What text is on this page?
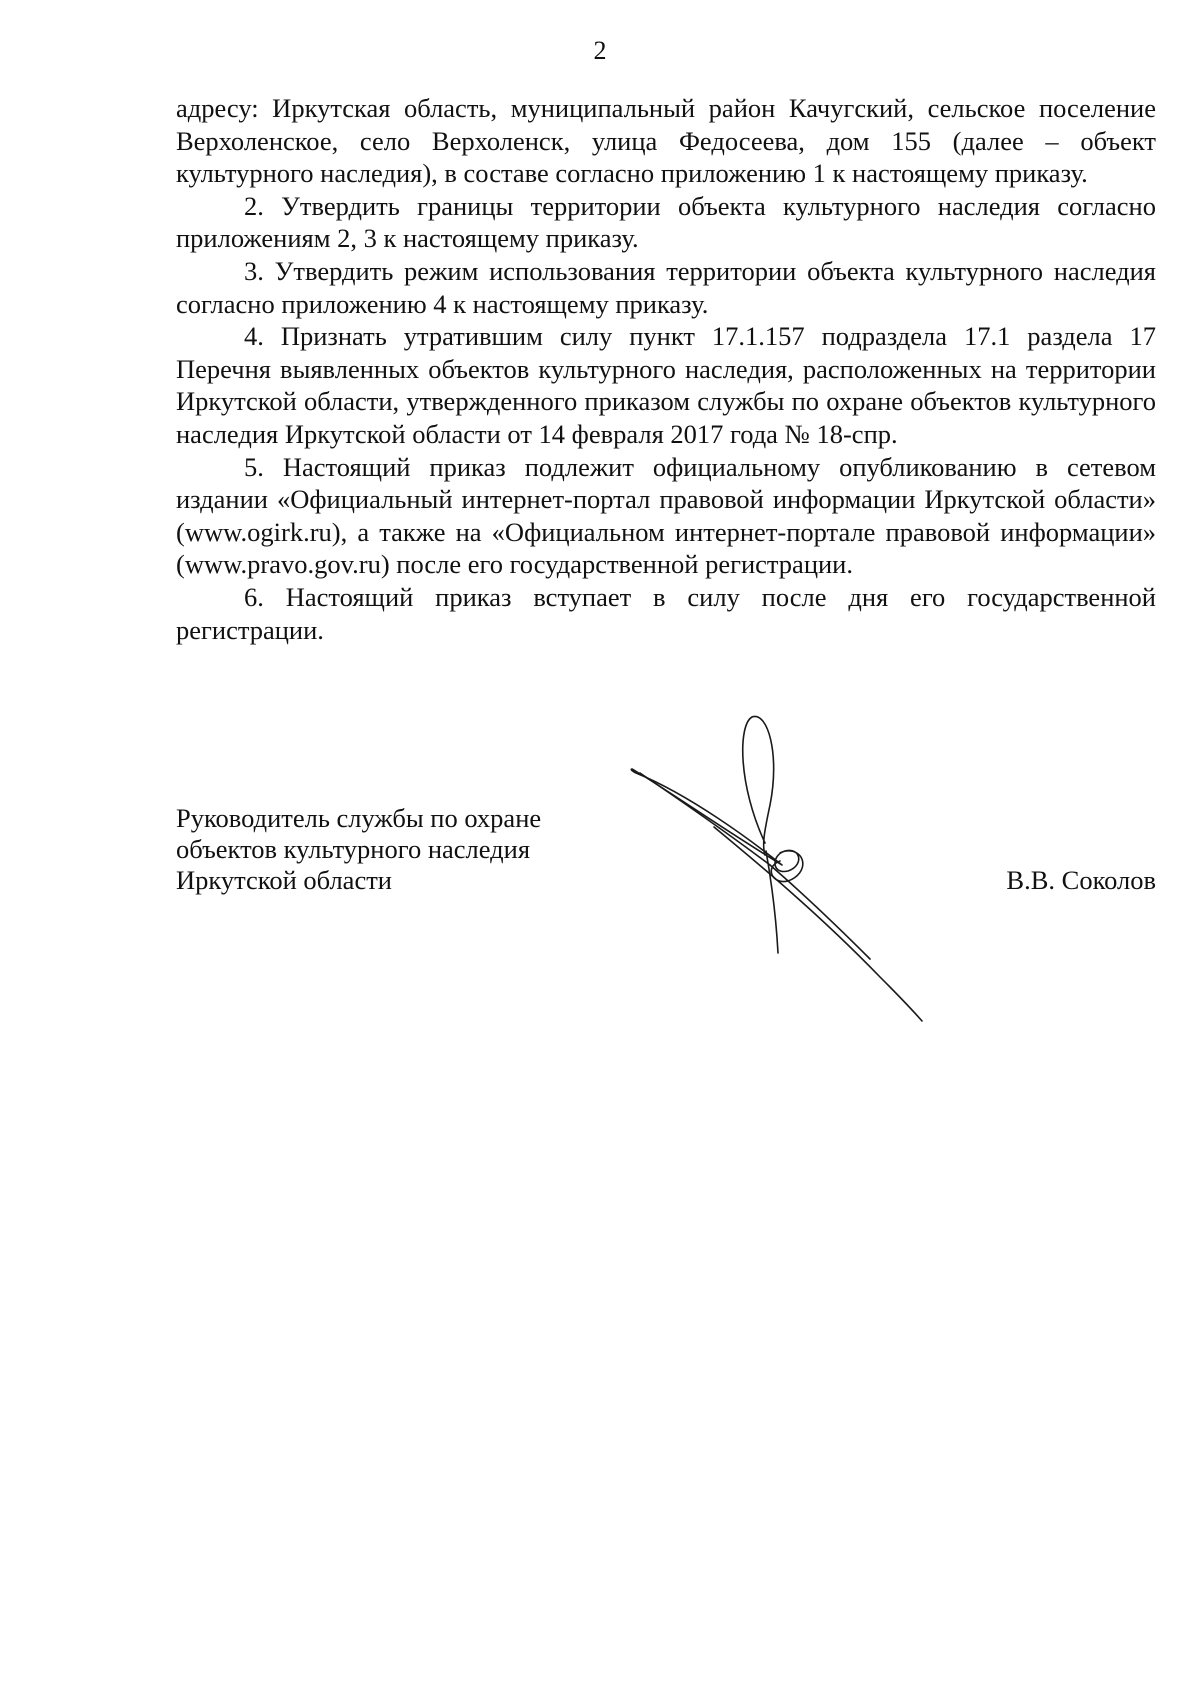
2

адресу: Иркутская область, муниципальный район Качугский, сельское поселение Верхоленское, село Верхоленск, улица Федосеева, дом 155 (далее – объект культурного наследия), в составе согласно приложению 1 к настоящему приказу.

2. Утвердить границы территории объекта культурного наследия согласно приложениям 2, 3 к настоящему приказу.

3. Утвердить режим использования территории объекта культурного наследия согласно приложению 4 к настоящему приказу.

4. Признать утратившим силу пункт 17.1.157 подраздела 17.1 раздела 17 Перечня выявленных объектов культурного наследия, расположенных на территории Иркутской области, утвержденного приказом службы по охране объектов культурного наследия Иркутской области от 14 февраля 2017 года № 18-спр.

5. Настоящий приказ подлежит официальному опубликованию в сетевом издании «Официальный интернет-портал правовой информации Иркутской области» (www.ogirk.ru), а также на «Официальном интернет-портале правовой информации» (www.pravo.gov.ru) после его государственной регистрации.

6. Настоящий приказ вступает в силу после дня его государственной регистрации.

Руководитель службы по охране
объектов культурного наследия
Иркутской области	В.В. Соколов
